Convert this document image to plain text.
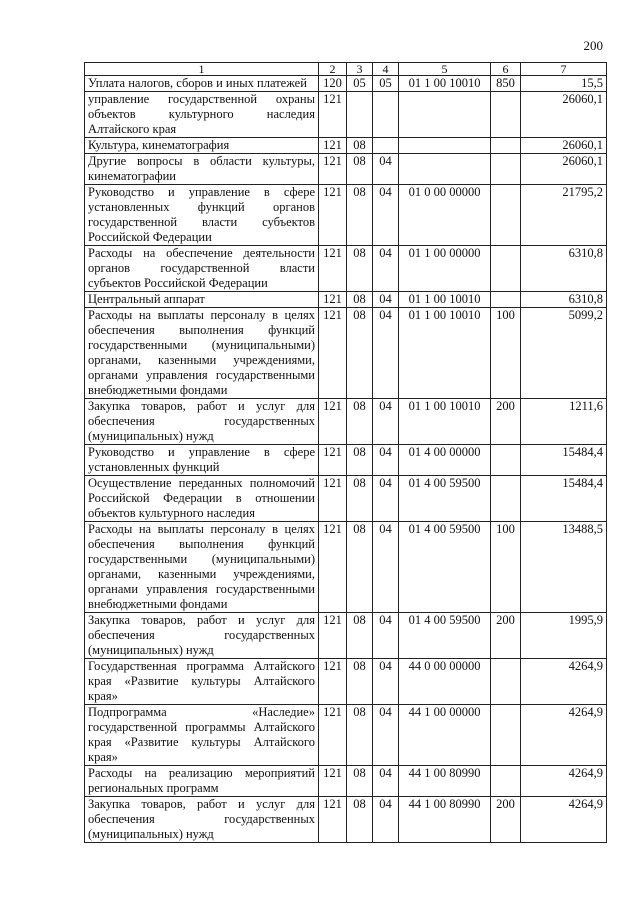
200
1	2	3	4	5	6	7
Уплата налогов, сборов и иных платежей	120	05	05	01 1 00 10010	850	15,5
управление государственной охраны объектов культурного наследия Алтайского края	121					26060,1
Культура, кинематография	121	08				26060,1
Другие вопросы в области культуры, кинематографии	121	08	04			26060,1
Руководство и управление в сфере установленных функций органов государственной власти субъектов Российской Федерации	121	08	04	01 0 00 00000		21795,2
Расходы на обеспечение деятельности органов государственной власти субъектов Российской Федерации	121	08	04	01 1 00 00000		6310,8
Центральный аппарат	121	08	04	01 1 00 10010		6310,8
Расходы на выплаты персоналу в целях обеспечения выполнения функций государственными (муниципальными) органами, казенными учреждениями, органами управления государственными внебюджетными фондами	121	08	04	01 1 00 10010	100	5099,2
Закупка товаров, работ и услуг для обеспечения государственных (муниципальных) нужд	121	08	04	01 1 00 10010	200	1211,6
Руководство и управление в сфере установленных функций	121	08	04	01 4 00 00000		15484,4
Осуществление переданных полномочий Российской Федерации в отношении объектов культурного наследия	121	08	04	01 4 00 59500		15484,4
Расходы на выплаты персоналу в целях обеспечения выполнения функций государственными (муниципальными) органами, казенными учреждениями, органами управления государственными внебюджетными фондами	121	08	04	01 4 00 59500	100	13488,5
Закупка товаров, работ и услуг для обеспечения государственных (муниципальных) нужд	121	08	04	01 4 00 59500	200	1995,9
Государственная программа Алтайского края «Развитие культуры Алтайского края»	121	08	04	44 0 00 00000		4264,9
Подпрограмма «Наследие» государственной программы Алтайского края «Развитие культуры Алтайского края»	121	08	04	44 1 00 00000		4264,9
Расходы на реализацию мероприятий региональных программ	121	08	04	44 1 00 80990		4264,9
Закупка товаров, работ и услуг для обеспечения государственных (муниципальных) нужд	121	08	04	44 1 00 80990	200	4264,9
